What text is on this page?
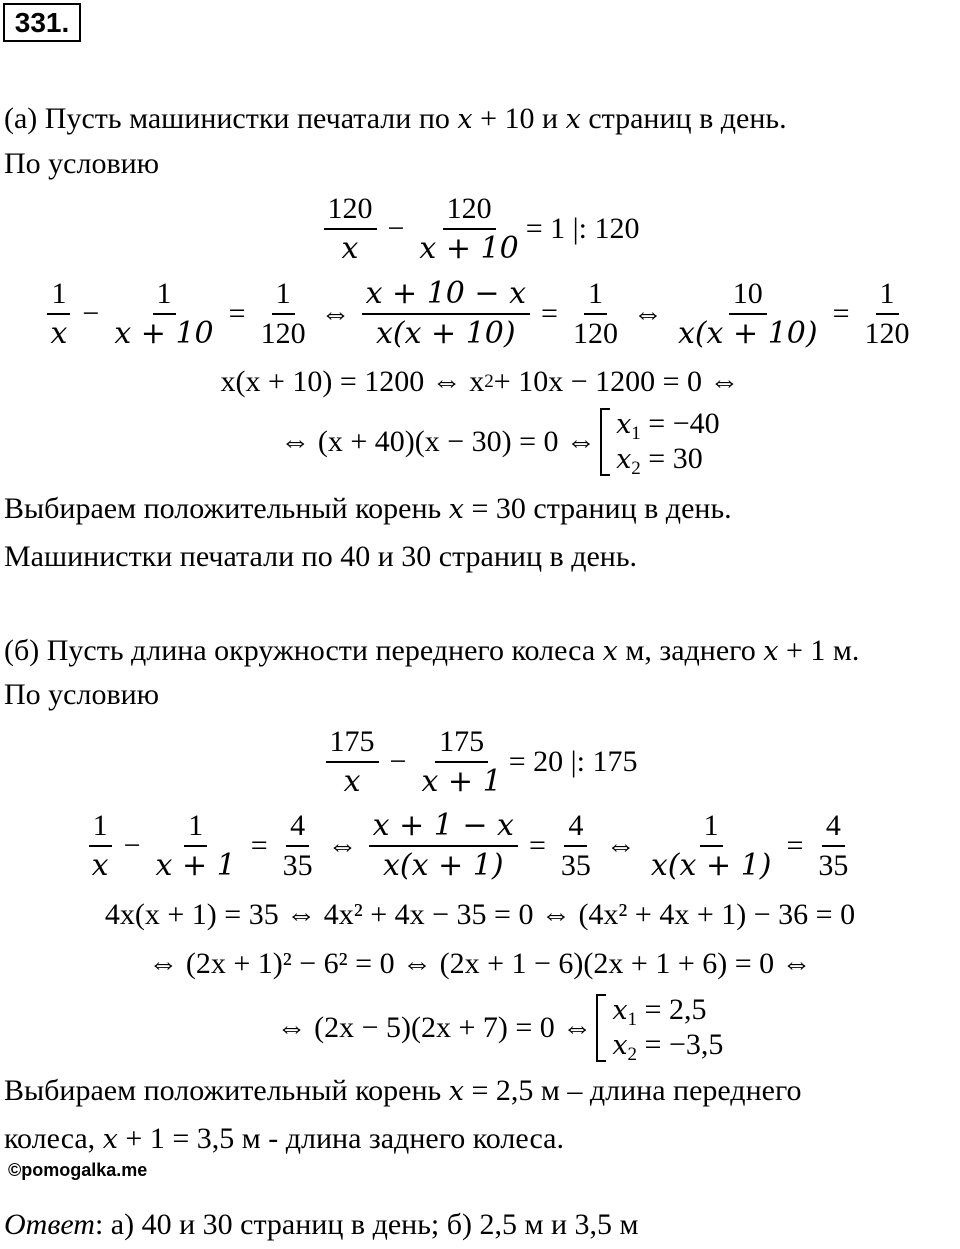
331.
(а) Пусть машинистки печатали по x + 10 и x страниц в день.
По условию
$\frac{120}{x} - \frac{120}{x + 10} = 1$ |: 120
$\frac{1}{x} - \frac{1}{x + 10} = \frac{1}{120}$ ⇔ $\frac{x + 10 - x}{x(x + 10)} = \frac{1}{120}$ ⇔ $\frac{10}{x(x + 10)} = \frac{1}{120}$
x(x + 10) = 1200 ⇔ x 2 + 10x − 1200 = 0 ⇔
⇔ (x + 40)(x − 30) = 0 ⇔
$x_1 = -40$
$x_2 = 30$
Выбираем положительный корень x = 30 страниц в день.
Машинистки печатали по 40 и 30 страниц в день.
(б) Пусть длина окружности переднего колеса x м, заднего x + 1 м.
По условию
$\frac{175}{x} - \frac{175}{x + 1} = 20$ |: 175
$\frac{1}{x} - \frac{1}{x + 1} = \frac{4}{35}$ ⇔ $\frac{x + 1 - x}{x(x + 1)} = \frac{4}{35}$ ⇔ $\frac{1}{x(x + 1)} = \frac{4}{35}$
4x(x + 1) = 35 ⇔ 4x² + 4x − 35 = 0 ⇔ (4x² + 4x + 1) − 36 = 0
⇔ (2x + 1)² − 6² = 0 ⇔ (2x + 1 − 6)(2x + 1 + 6) = 0 ⇔
⇔ (2x − 5)(2x + 7) = 0 ⇔
$x_1 = 2,5$
$x_2 = -3,5$
Выбираем положительный корень x = 2,5 м – длина переднего
колеса, x + 1 = 3,5 м - длина заднего колеса.
©pomogalka.me
Ответ: а) 40 и 30 страниц в день; б) 2,5 м и 3,5 м
